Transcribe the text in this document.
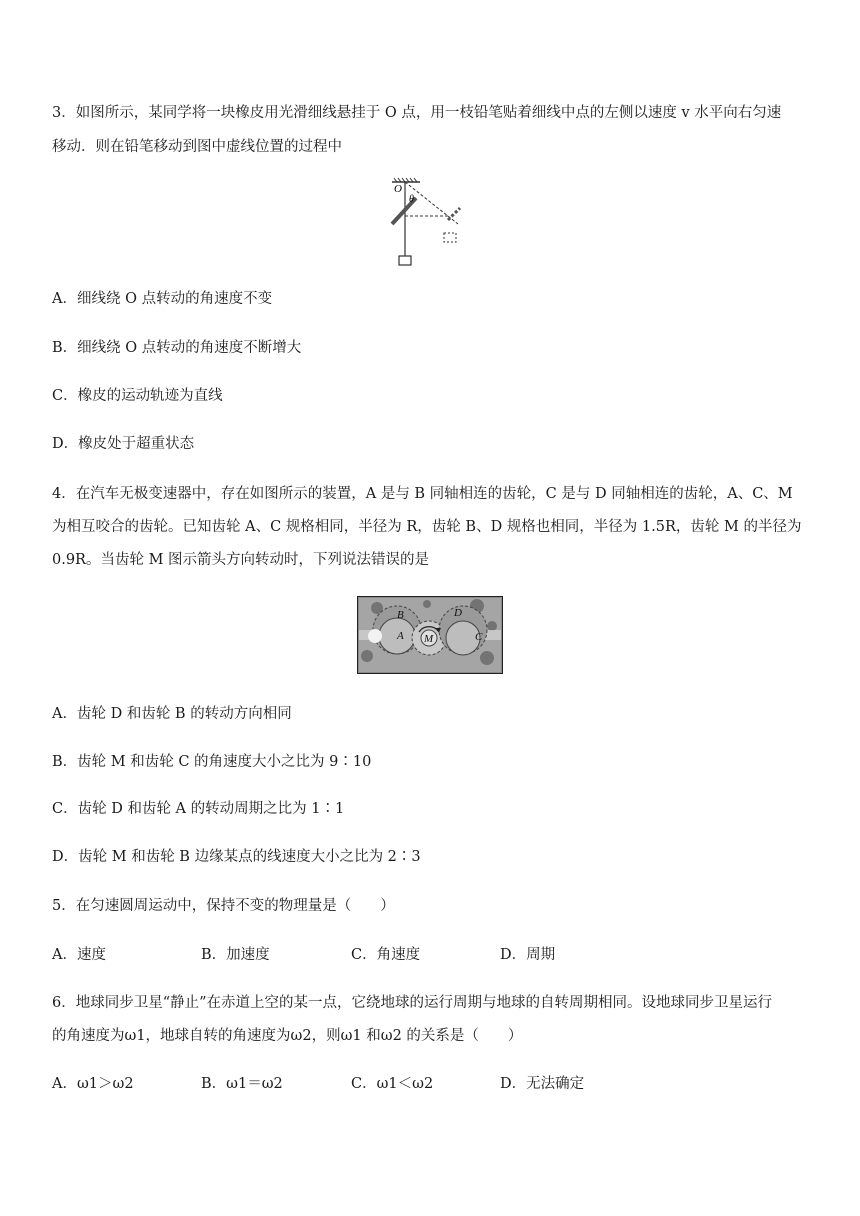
3．如图所示，某同学将一块橡皮用光滑细线悬挂于 O 点，用一枝铅笔贴着细线中点的左侧以速度 v 水平向右匀速
移动．则在铅笔移动到图中虚线位置的过程中
O
θ
A．细线绕 O 点转动的角速度不变
B．细线绕 O 点转动的角速度不断增大
C．橡皮的运动轨迹为直线
D．橡皮处于超重状态
4．在汽车无极变速器中，存在如图所示的装置，A 是与 B 同轴相连的齿轮，C 是与 D 同轴相连的齿轮，A、C、M
为相互咬合的齿轮。已知齿轮 A、C 规格相同，半径为 R，齿轮 B、D 规格也相同，半径为 1.5R，齿轮 M 的半径为
0.9R。当齿轮 M 图示箭头方向转动时，下列说法错误的是
B	D
A M	C
A．齿轮 D 和齿轮 B 的转动方向相同
B．齿轮 M 和齿轮 C 的角速度大小之比为 9∶10
C．齿轮 D 和齿轮 A 的转动周期之比为 1∶1
D．齿轮 M 和齿轮 B 边缘某点的线速度大小之比为 2∶3
5．在匀速圆周运动中，保持不变的物理量是（　　）
A．速度	B．加速度	C．角速度	D．周期
6．地球同步卫星“静止”在赤道上空的某一点，它绕地球的运行周期与地球的自转周期相同。设地球同步卫星运行
的角速度为ω1，地球自转的角速度为ω2，则ω1 和ω2 的关系是（　　）
A．ω1＞ω2	B．ω1＝ω2	C．ω1＜ω2	D．无法确定
